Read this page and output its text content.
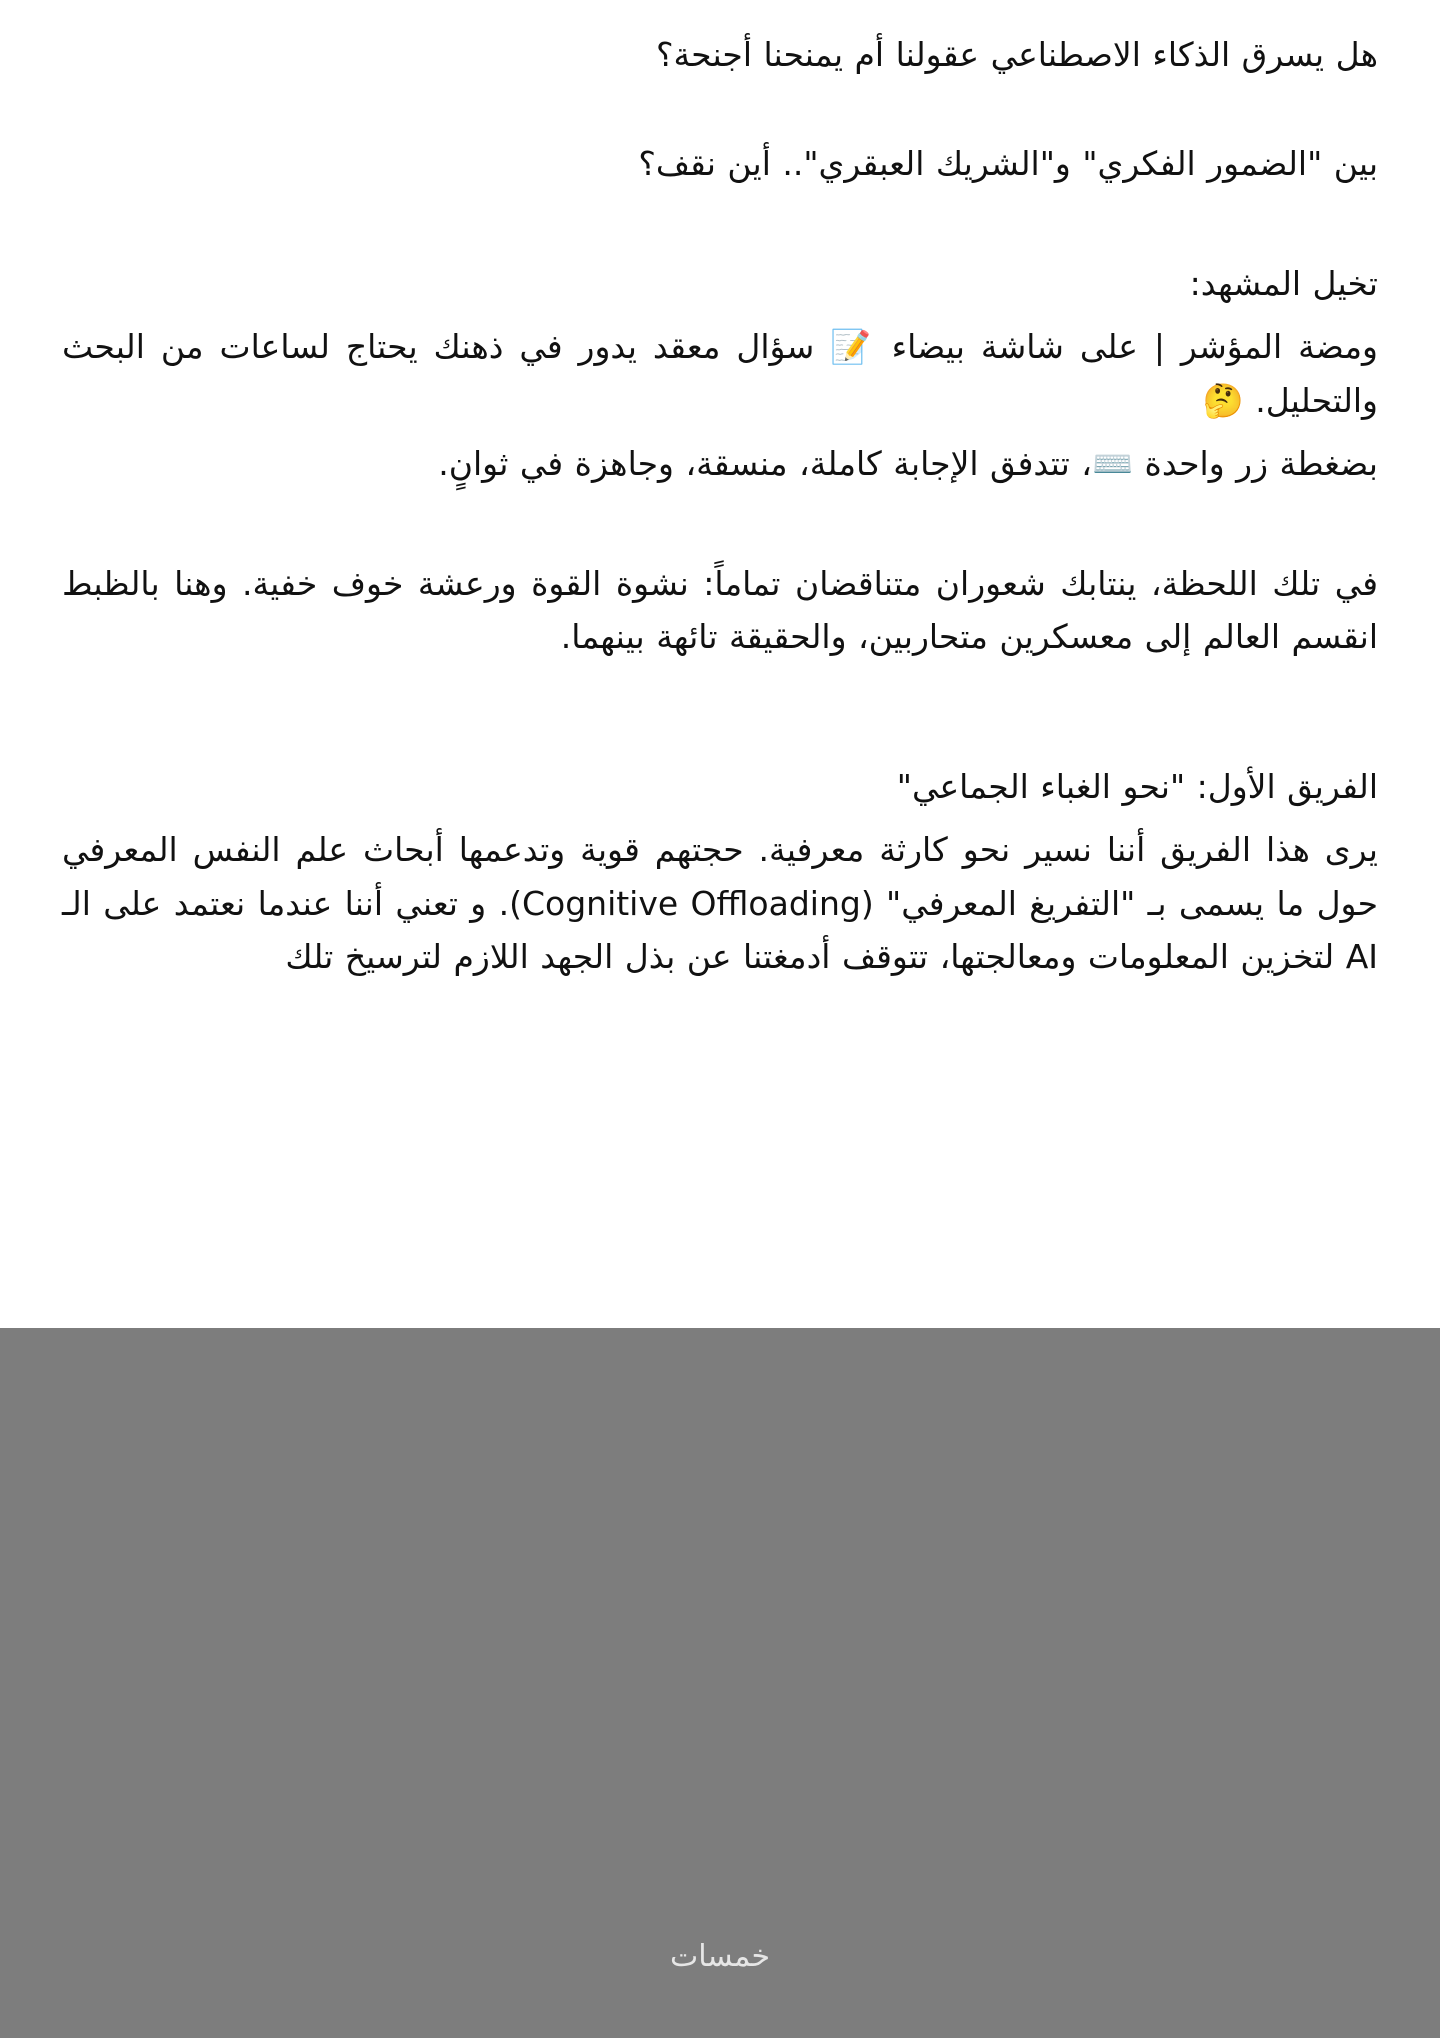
هل يسرق الذكاء الاصطناعي عقولنا أم يمنحنا أجنحة؟

بين "الضمور الفكري" و"الشريك العبقري".. أين نقف؟

تخيل المشهد:

ومضة المؤشر | على شاشة بيضاء 📝 سؤال معقد يدور في ذهنك يحتاج لساعات من البحث والتحليل. 🤔

بضغطة زر واحدة ⌨️، تتدفق الإجابة كاملة، منسقة، وجاهزة في ثوانٍ.

في تلك اللحظة، ينتابك شعوران متناقضان تماماً: نشوة القوة ورعشة خوف خفية. وهنا بالظبط انقسم العالم إلى معسكرين متحاربين، والحقيقة تائهة بينهما.

الفريق الأول: "نحو الغباء الجماعي"

يرى هذا الفريق أننا نسير نحو كارثة معرفية. حجتهم قوية وتدعمها أبحاث علم النفس المعرفي حول ما يسمى بـ "التفريغ المعرفي" (Cognitive Offloading). و تعني أننا عندما نعتمد على الـ AI لتخزين المعلومات ومعالجتها، تتوقف أدمغتنا عن بذل الجهد اللازم لترسيخ تلك

خمسات
